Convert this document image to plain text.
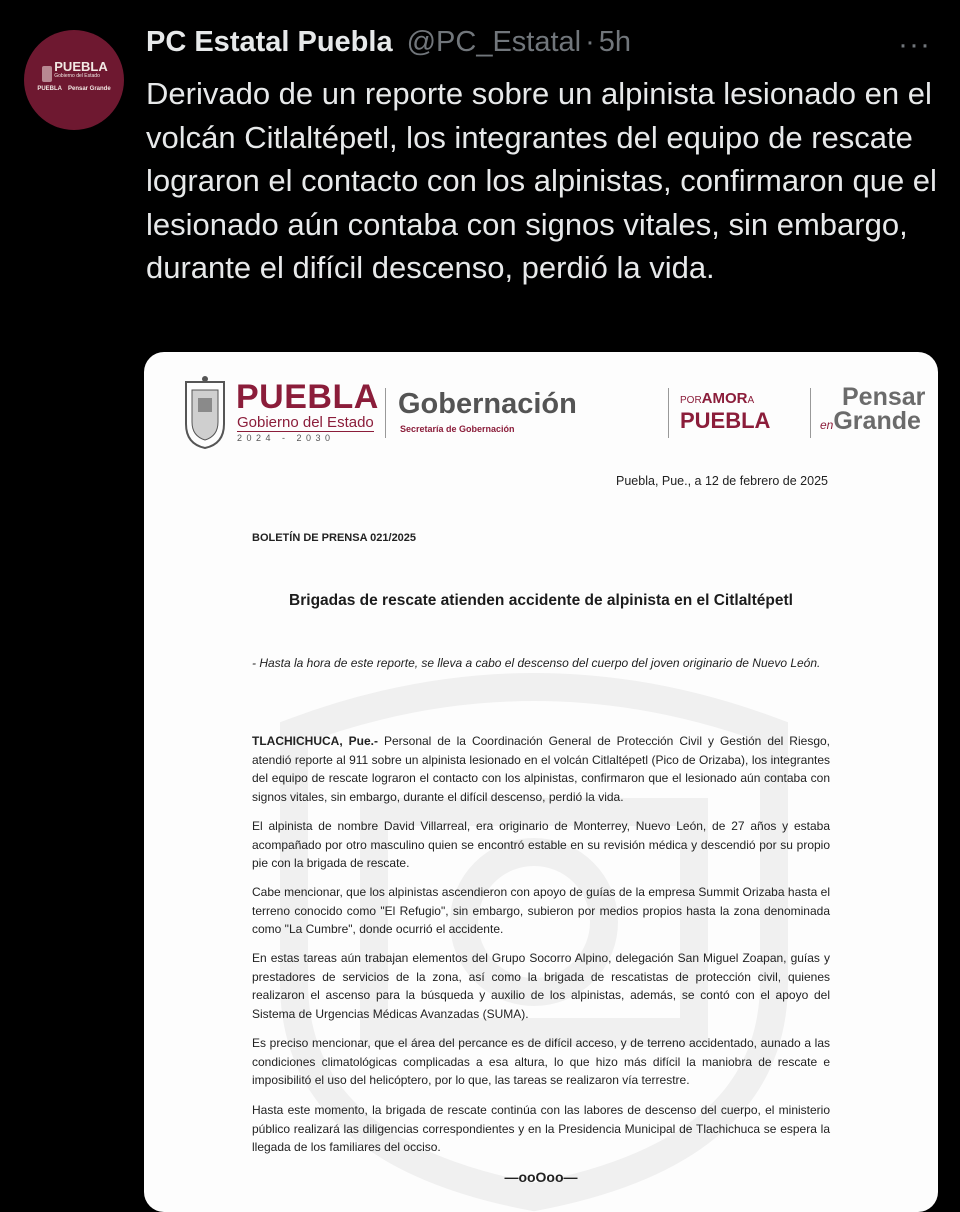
PUEBLA
Gobierno del Estado
PUEBLA Pensar Grande
PC Estatal Puebla @PC_Estatal · 5h	···
Derivado de un reporte sobre un alpinista lesionado en el volcán Citlaltépetl, los integrantes del equipo de rescate lograron el contacto con los alpinistas, confirmaron que el lesionado aún contaba con signos vitales, sin embargo, durante el difícil descenso, perdió la vida.
PUEBLA
Gobierno del Estado
2024 - 2030
Gobernación
Secretaría de Gobernación
PORAMORA
PUEBLA
Pensar
enGrande
Puebla, Pue., a 12 de febrero de 2025
BOLETÍN DE PRENSA 021/2025
Brigadas de rescate atienden accidente de alpinista en el Citlaltépetl
- Hasta la hora de este reporte, se lleva a cabo el descenso del cuerpo del joven originario de Nuevo León.
TLACHICHUCA, Pue.- Personal de la Coordinación General de Protección Civil y Gestión del Riesgo, atendió reporte al 911 sobre un alpinista lesionado en el volcán Citlaltépetl (Pico de Orizaba), los integrantes del equipo de rescate lograron el contacto con los alpinistas, confirmaron que el lesionado aún contaba con signos vitales, sin embargo, durante el difícil descenso, perdió la vida.
El alpinista de nombre David Villarreal, era originario de Monterrey, Nuevo León, de 27 años y estaba acompañado por otro masculino quien se encontró estable en su revisión médica y descendió por su propio pie con la brigada de rescate.
Cabe mencionar, que los alpinistas ascendieron con apoyo de guías de la empresa Summit Orizaba hasta el terreno conocido como "El Refugio", sin embargo, subieron por medios propios hasta la zona denominada como "La Cumbre", donde ocurrió el accidente.
En estas tareas aún trabajan elementos del Grupo Socorro Alpino, delegación San Miguel Zoapan, guías y prestadores de servicios de la zona, así como la brigada de rescatistas de protección civil, quienes realizaron el ascenso para la búsqueda y auxilio de los alpinistas, además, se contó con el apoyo del Sistema de Urgencias Médicas Avanzadas (SUMA).
Es preciso mencionar, que el área del percance es de difícil acceso, y de terreno accidentado, aunado a las condiciones climatológicas complicadas a esa altura, lo que hizo más difícil la maniobra de rescate e imposibilitó el uso del helicóptero, por lo que, las tareas se realizaron vía terrestre.
Hasta este momento, la brigada de rescate continúa con las labores de descenso del cuerpo, el ministerio público realizará las diligencias correspondientes y en la Presidencia Municipal de Tlachichuca se espera la llegada de los familiares del occiso.
—ooOoo—
